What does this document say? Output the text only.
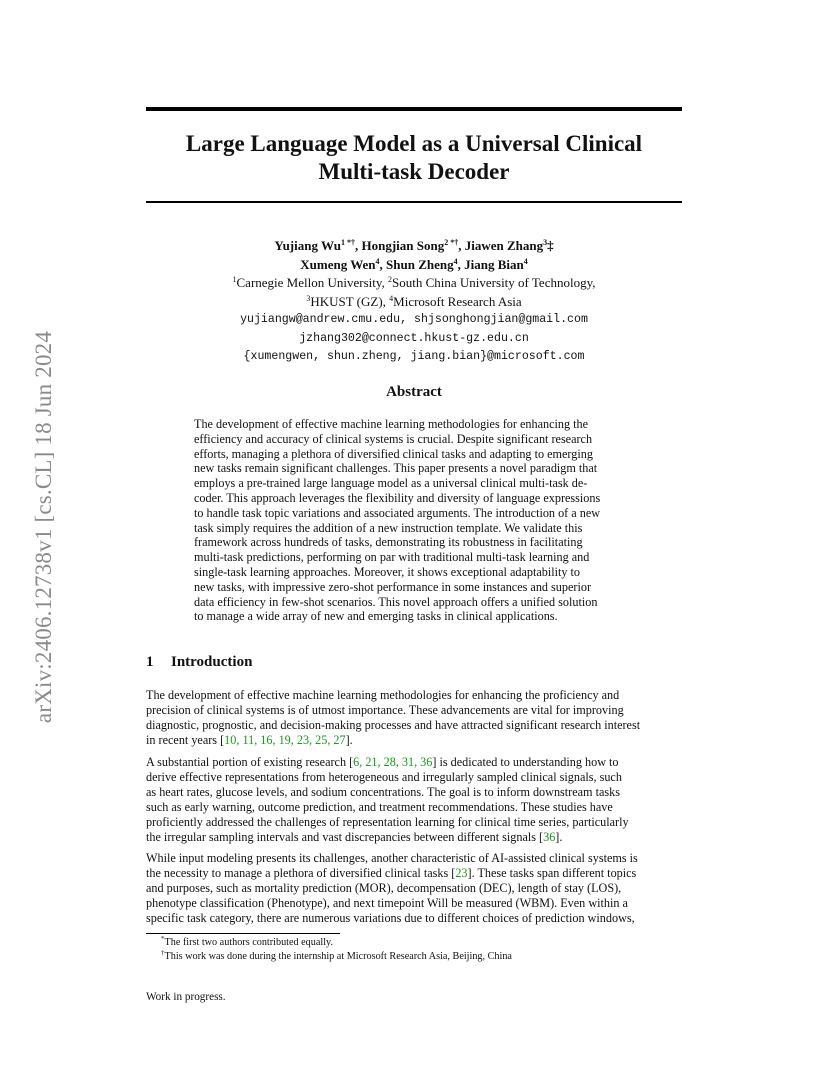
arXiv:2406.12738v1 [cs.CL] 18 Jun 2024
Large Language Model as a Universal Clinical
Multi-task Decoder
Yujiang $Wu^{1 *\dagger}$, Hongjian Song$^{2 *\dagger}$, Jiawen Zhang$^3$‡
Xumeng Wen$^4$, Shun Zheng$^4$, Jiang Bian$^4$
$^1$Carnegie Mellon University, $^2$South China University of Technology,
$^3$HKUST (GZ), $^4$Microsoft Research Asia
yujiangw@andrew.cmu.edu, shjsonghongjian@gmail.com
jzhang302@connect.hkust-gz.edu.cn
{xumengwen, shun.zheng, jiang.bian}@microsoft.com
Abstract
The development of effective machine learning methodologies for enhancing the
efficiency and accuracy of clinical systems is crucial. Despite significant research
efforts, managing a plethora of diversified clinical tasks and adapting to emerging
new tasks remain significant challenges. This paper presents a novel paradigm that
employs a pre-trained large language model as a universal clinical multi-task de-
coder. This approach leverages the flexibility and diversity of language expressions
to handle task topic variations and associated arguments. The introduction of a new
task simply requires the addition of a new instruction template. We validate this
framework across hundreds of tasks, demonstrating its robustness in facilitating
multi-task predictions, performing on par with traditional multi-task learning and
single-task learning approaches. Moreover, it shows exceptional adaptability to
new tasks, with impressive zero-shot performance in some instances and superior
data efficiency in few-shot scenarios. This novel approach offers a unified solution
to manage a wide array of new and emerging tasks in clinical applications.
1 Introduction
The development of effective machine learning methodologies for enhancing the proficiency and
precision of clinical systems is of utmost importance. These advancements are vital for improving
diagnostic, prognostic, and decision-making processes and have attracted significant research interest
in recent years [10, 11, 16, 19, 23, 25, 27].
A substantial portion of existing research [6, 21, 28, 31, 36] is dedicated to understanding how to
derive effective representations from heterogeneous and irregularly sampled clinical signals, such
as heart rates, glucose levels, and sodium concentrations. The goal is to inform downstream tasks
such as early warning, outcome prediction, and treatment recommendations. These studies have
proficiently addressed the challenges of representation learning for clinical time series, particularly
the irregular sampling intervals and vast discrepancies between different signals [36].
While input modeling presents its challenges, another characteristic of AI-assisted clinical systems is
the necessity to manage a plethora of diversified clinical tasks [23]. These tasks span different topics
and purposes, such as mortality prediction (MOR), decompensation (DEC), length of stay (LOS),
phenotype classification (Phenotype), and next timepoint Will be measured (WBM). Even within a
specific task category, there are numerous variations due to different choices of prediction windows,
*The first two authors contributed equally.
†This work was done during the internship at Microsoft Research Asia, Beijing, China
Work in progress.
